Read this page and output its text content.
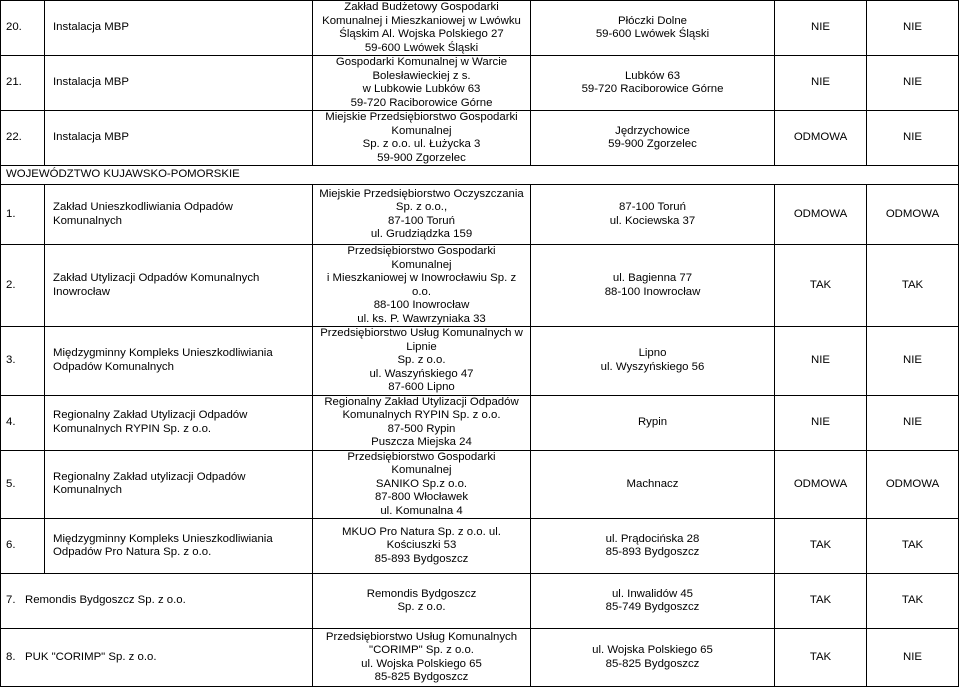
20.	Instalacja MBP	Zakład Budżetowy Gospodarki
Komunalnej i Mieszkaniowej w Lwówku
Śląskim Al. Wojska Polskiego 27
59-600 Lwówek Śląski	Płóczki Dolne
59-600 Lwówek Śląski	NIE	NIE
21.	Instalacja MBP	Gospodarki Komunalnej w Warcie
Bolesławieckiej z s.
w Lubkowie Lubków 63
59-720 Raciborowice Górne	Lubków 63
59-720 Raciborowice Górne	NIE	NIE
22.	Instalacja MBP	Miejskie Przedsiębiorstwo Gospodarki
Komunalnej
Sp. z o.o. ul. Łużycka 3
59-900 Zgorzelec	Jędrzychowice
59-900 Zgorzelec	ODMOWA	NIE
WOJEWÓDZTWO KUJAWSKO-POMORSKIE					
1.	Zakład Unieszkodliwiania Odpadów
Komunalnych	Miejskie Przedsiębiorstwo Oczyszczania
Sp. z o.o.,
87-100 Toruń
ul. Grudziądzka 159	87-100 Toruń
ul. Kociewska 37	ODMOWA	ODMOWA
2.	Zakład Utylizacji Odpadów Komunalnych
Inowrocław	Przedsiębiorstwo Gospodarki Komunalnej
i Mieszkaniowej w Inowrocławiu Sp. z o.o.
88-100 Inowrocław
ul. ks. P. Wawrzyniaka 33	ul. Bagienna 77
88-100 Inowrocław	TAK	TAK
3.	Międzygminny Kompleks Unieszkodliwiania
Odpadów Komunalnych	Przedsiębiorstwo Usług Komunalnych w
Lipnie
Sp. z o.o.
ul. Waszyńskiego 47
87-600 Lipno	Lipno
ul. Wyszyńskiego 56	NIE	NIE
4.	Regionalny Zakład Utylizacji Odpadów
Komunalnych RYPIN Sp. z o.o.	Regionalny Zakład Utylizacji Odpadów
Komunalnych RYPIN Sp. z o.o.
87-500 Rypin
Puszcza Miejska 24	Rypin	NIE	NIE
5.	Regionalny Zakład utylizacji Odpadów
Komunalnych	Przedsiębiorstwo Gospodarki Komunalnej
SANIKO Sp.z o.o.
87-800 Włocławek
ul. Komunalna 4	Machnacz	ODMOWA	ODMOWA
6.	Międzygminny Kompleks Unieszkodliwiania
Odpadów Pro Natura Sp. z o.o.	MKUO Pro Natura Sp. z o.o. ul.
Kościuszki 53
85-893 Bydgoszcz	ul. Prądocińska 28
85-893 Bydgoszcz	TAK	TAK
7.   Remondis Bydgoszcz Sp. z o.o.		Remondis Bydgoszcz
Sp. z o.o.	ul. Inwalidów 45
85-749 Bydgoszcz	TAK	TAK
8.   PUK "CORIMP" Sp. z o.o.		Przedsiębiorstwo Usług Komunalnych
"CORIMP" Sp. z o.o.
ul. Wojska Polskiego 65
85-825 Bydgoszcz	ul. Wojska Polskiego 65
85-825 Bydgoszcz	TAK	NIE
